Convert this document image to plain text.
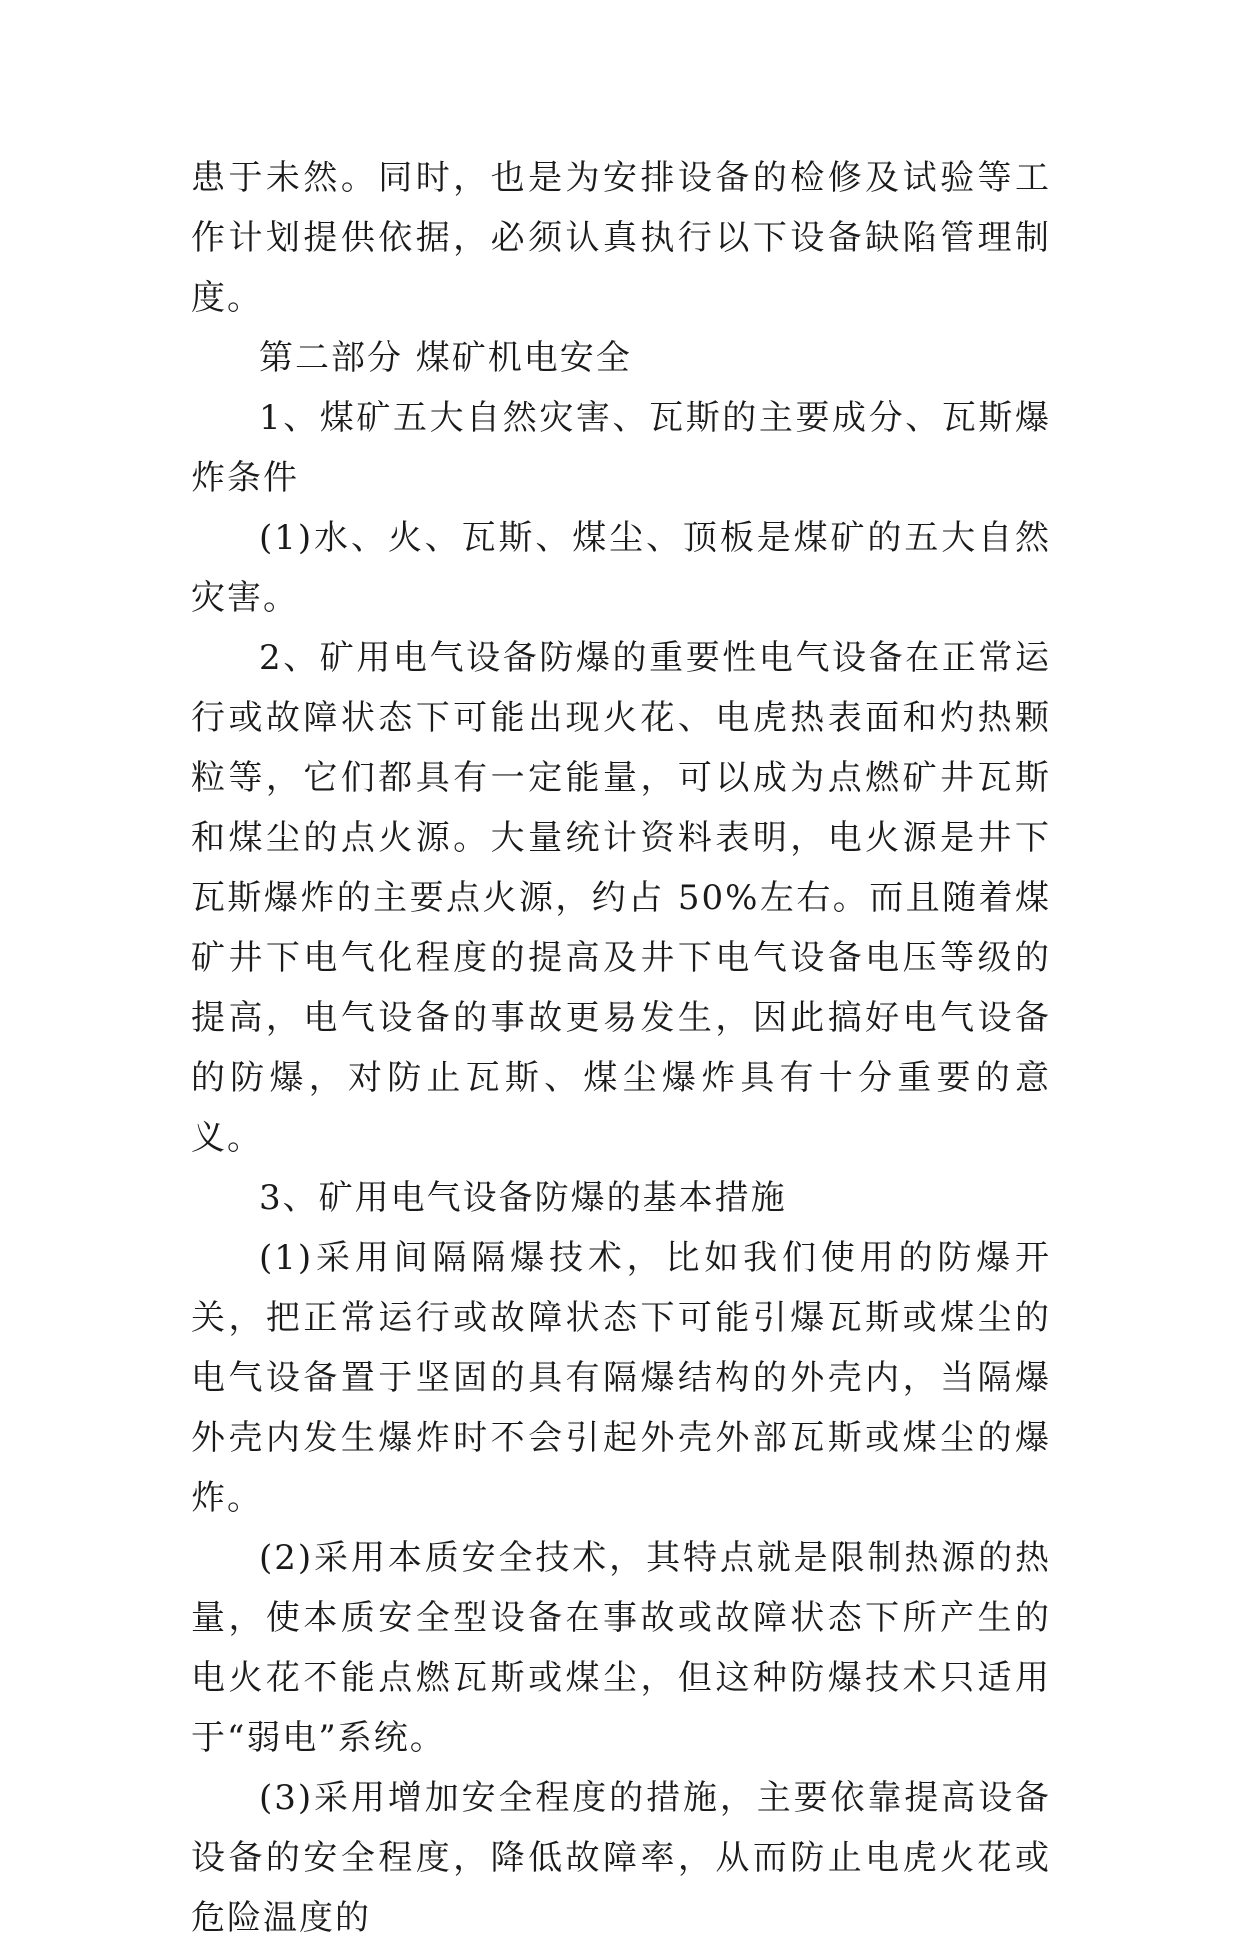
患于未然。同时，也是为安排设备的检修及试验等工作计划提供依据，必须认真执行以下设备缺陷管理制度。

第二部分 煤矿机电安全

1、煤矿五大自然灾害、瓦斯的主要成分、瓦斯爆炸条件

(1)水、火、瓦斯、煤尘、顶板是煤矿的五大自然灾害。

2、矿用电气设备防爆的重要性电气设备在正常运行或故障状态下可能出现火花、电虎热表面和灼热颗粒等，它们都具有一定能量，可以成为点燃矿井瓦斯和煤尘的点火源。大量统计资料表明，电火源是井下瓦斯爆炸的主要点火源，约占 50%左右。而且随着煤矿井下电气化程度的提高及井下电气设备电压等级的提高，电气设备的事故更易发生，因此搞好电气设备的防爆，对防止瓦斯、煤尘爆炸具有十分重要的意义。

3、矿用电气设备防爆的基本措施

(1)采用间隔隔爆技术，比如我们使用的防爆开关，把正常运行或故障状态下可能引爆瓦斯或煤尘的电气设备置于坚固的具有隔爆结构的外壳内，当隔爆外壳内发生爆炸时不会引起外壳外部瓦斯或煤尘的爆炸。

(2)采用本质安全技术，其特点就是限制热源的热量，使本质安全型设备在事故或故障状态下所产生的电火花不能点燃瓦斯或煤尘，但这种防爆技术只适用于“弱电”系统。

(3)采用增加安全程度的措施，主要依靠提高设备设备的安全程度，降低故障率，从而防止电虎火花或危险温度的
